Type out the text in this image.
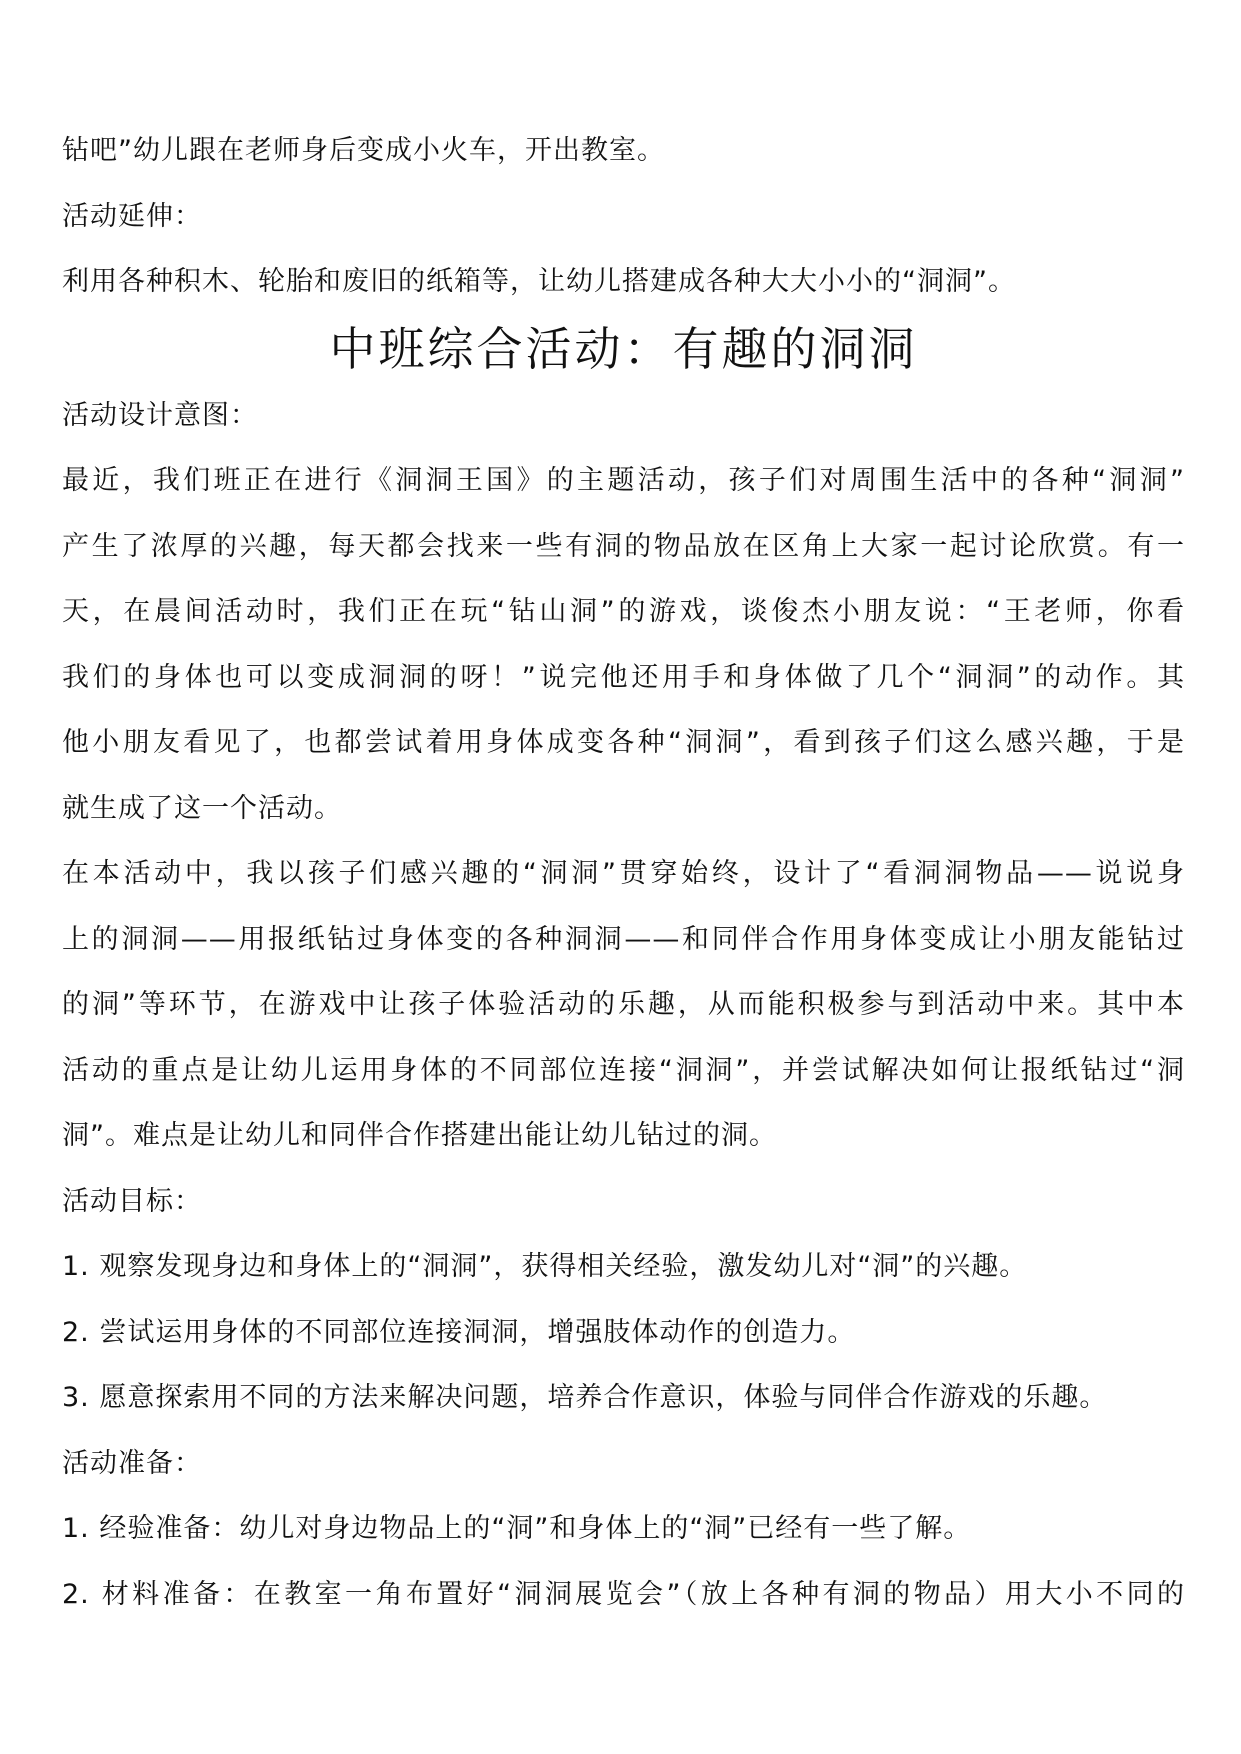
钻吧”幼儿跟在老师身后变成小火车，开出教室。
活动延伸：
利用各种积木、轮胎和废旧的纸箱等，让幼儿搭建成各种大大小小的“洞洞”。
中班综合活动：有趣的洞洞
活动设计意图：
最近，我们班正在进行《洞洞王国》的主题活动，孩子们对周围生活中的各种“洞洞”
产生了浓厚的兴趣，每天都会找来一些有洞的物品放在区角上大家一起讨论欣赏。有一
天，在晨间活动时，我们正在玩“钻山洞”的游戏，谈俊杰小朋友说：“王老师，你看
我们的身体也可以变成洞洞的呀！”说完他还用手和身体做了几个“洞洞”的动作。其
他小朋友看见了，也都尝试着用身体成变各种“洞洞”，看到孩子们这么感兴趣，于是
就生成了这一个活动。
在本活动中，我以孩子们感兴趣的“洞洞”贯穿始终，设计了“看洞洞物品——说说身
上的洞洞——用报纸钻过身体变的各种洞洞——和同伴合作用身体变成让小朋友能钻过
的洞”等环节，在游戏中让孩子体验活动的乐趣，从而能积极参与到活动中来。其中本
活动的重点是让幼儿运用身体的不同部位连接“洞洞”，并尝试解决如何让报纸钻过“洞
洞”。难点是让幼儿和同伴合作搭建出能让幼儿钻过的洞。
活动目标：
1. 观察发现身边和身体上的“洞洞”，获得相关经验，激发幼儿对“洞”的兴趣。
2. 尝试运用身体的不同部位连接洞洞，增强肢体动作的创造力。
3. 愿意探索用不同的方法来解决问题，培养合作意识，体验与同伴合作游戏的乐趣。
活动准备：
1. 经验准备：幼儿对身边物品上的“洞”和身体上的“洞”已经有一些了解。
2. 材料准备：在教室一角布置好“洞洞展览会”（放上各种有洞的物品）用大小不同的
